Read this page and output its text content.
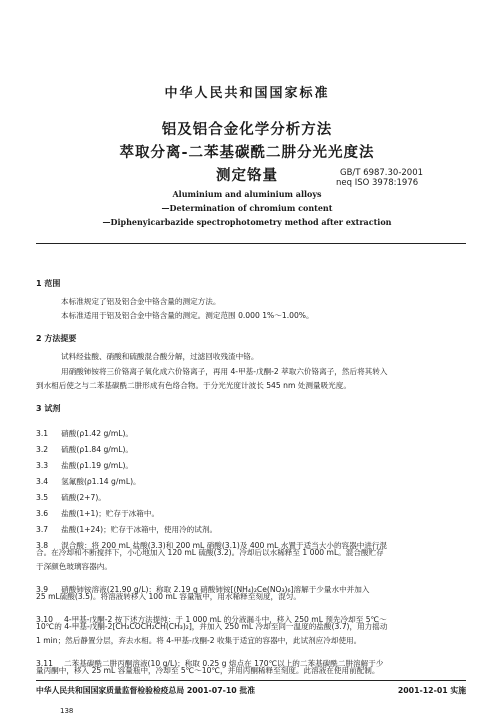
中华人民共和国国家标准
铝及铝合金化学分析方法
萃取分离-二苯基碳酰二肼分光光度法
测定铬量	GB/T 6987.30-2001
neq ISO 3978:1976
Aluminium and aluminium alloys
—Determination of chromium content
—Diphenyicarbazide spectrophotometry method after extraction
1 范围
本标准规定了铝及铝合金中铬含量的测定方法。
本标准适用于铝及铝合金中铬含量的测定。测定范围 0.000 1%～1.00%。
2 方法提要
试料经盐酸、硝酸和硫酸混合酸分解，过滤回收残渣中铬。
用硝酸铈铵将三价铬离子氧化成六价铬离子，再用 4-甲基-戊酮-2 萃取六价铬离子，然后将其转入
到水相后使之与二苯基碳酰二肼形成有色络合物。于分光光度计波长 545 nm 处测量吸光度。
3 试剂
3.1 硝酸(ρ1.42 g/mL)。
3.2 硫酸(ρ1.84 g/mL)。
3.3 盐酸(ρ1.19 g/mL)。
3.4 氢氟酸(ρ1.14 g/mL)。
3.5 硫酸(2+7)。
3.6 盐酸(1+1)；贮存于冰箱中。
3.7 盐酸(1+24)；贮存于冰箱中，使用冷的试剂。
3.8 混合酸：将 200 mL 盐酸(3.3)和 200 mL 硝酸(3.1)及 400 mL 水置于适当大小的容器中进行混
合。在冷却和不断搅拌下，小心地加入 120 mL 硫酸(3.2)。冷却后以水稀释至 1 000 mL。混合酸贮存
于深颜色玻璃容器内。
3.9 硝酸铈铵溶液(21.90 g/L)：称取 2.19 g 硝酸铈铵[(NH₄)₂Ce(NO₃)₆]溶解于少量水中并加入
25 mL硫酸(3.5)。将溶液转移入 100 mL 容量瓶中，用水稀释至刻度，混匀。
3.10 4-甲基-戊酮-2 按下述方法提纯：于 1 000 mL 的分液漏斗中，移入 250 mL 预先冷却至 5℃～
10℃的 4-甲基-戊酮-2[CH₃COCH₂CH(CH₃)₂]，并加入 250 mL 冷却至同一温度的盐酸(3.7)，用力摇动
1 min；然后静置分层，弃去水相。将 4-甲基-戊酮-2 收集于适宜的容器中，此试剂应冷却使用。
3.11 二苯基碳酰二肼丙酮溶液(10 g/L)；称取 0.25 g 熔点在 170℃以上的二苯基碳酰二肼溶解于少
量丙酮中，移入 25 mL 容量瓶中，冷却至 5℃～10℃，并用丙酮稀释至刻度。此溶液在使用前配制。
中华人民共和国国家质量监督检验检疫总局 2001-07-10 批准	2001-12-01 实施
138
